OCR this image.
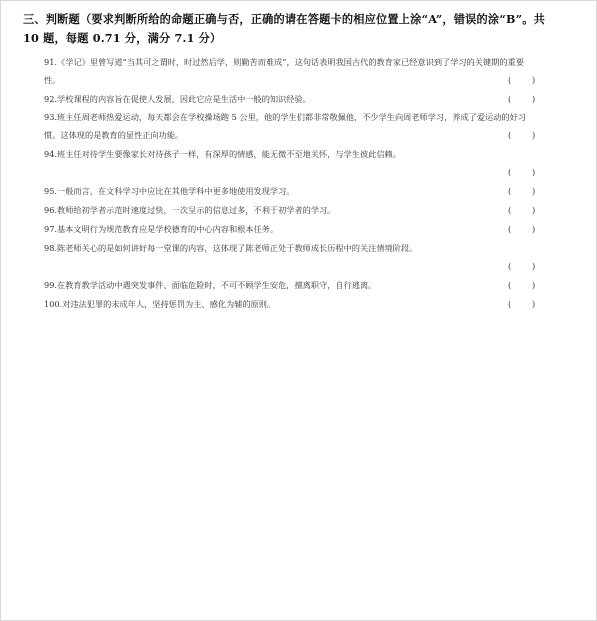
三、判断题（要求判断所给的命题正确与否，正确的请在答题卡的相应位置上涂“A”，错误的涂“B”。共 10 题，每题 0.71 分，满分 7.1 分）
91.《学记》里曾写道“当其可之谓时，时过然后学，则勤苦而难成”，这句话表明我国古代的教育家已经意识到了学习的关键期的重要性。	(        )
92.学校课程的内容旨在促使人发展，因此它应是生活中一般的知识经验。	(        )
93.班主任周老师热爱运动，每天都会在学校操场跑 5 公里，他的学生们都非常敬佩他，不少学生向周老师学习，养成了爱运动的好习惯。这体现的是教育的显性正向功能。	(        )
94.班主任对待学生要像家长对待孩子一样，有深厚的情感，能无微不至地关怀，与学生彼此信赖。
(        )
95.一般而言，在文科学习中应比在其他学科中更多地使用发现学习。	(        )
96.教师给初学者示范时速度过快，一次呈示的信息过多，不利于初学者的学习。	(        )
97.基本文明行为规范教育应是学校德育的中心内容和根本任务。	(        )
98.陈老师关心的是如何讲好每一堂课的内容，这体现了陈老师正处于教师成长历程中的关注情境阶段。
(        )
99.在教育教学活动中遇突发事件、面临危险时，不可不顾学生安危，擅离职守，自行逃离。	(        )
100.对违法犯罪的未成年人，坚持惩罚为主、感化为辅的原则。	(        )
